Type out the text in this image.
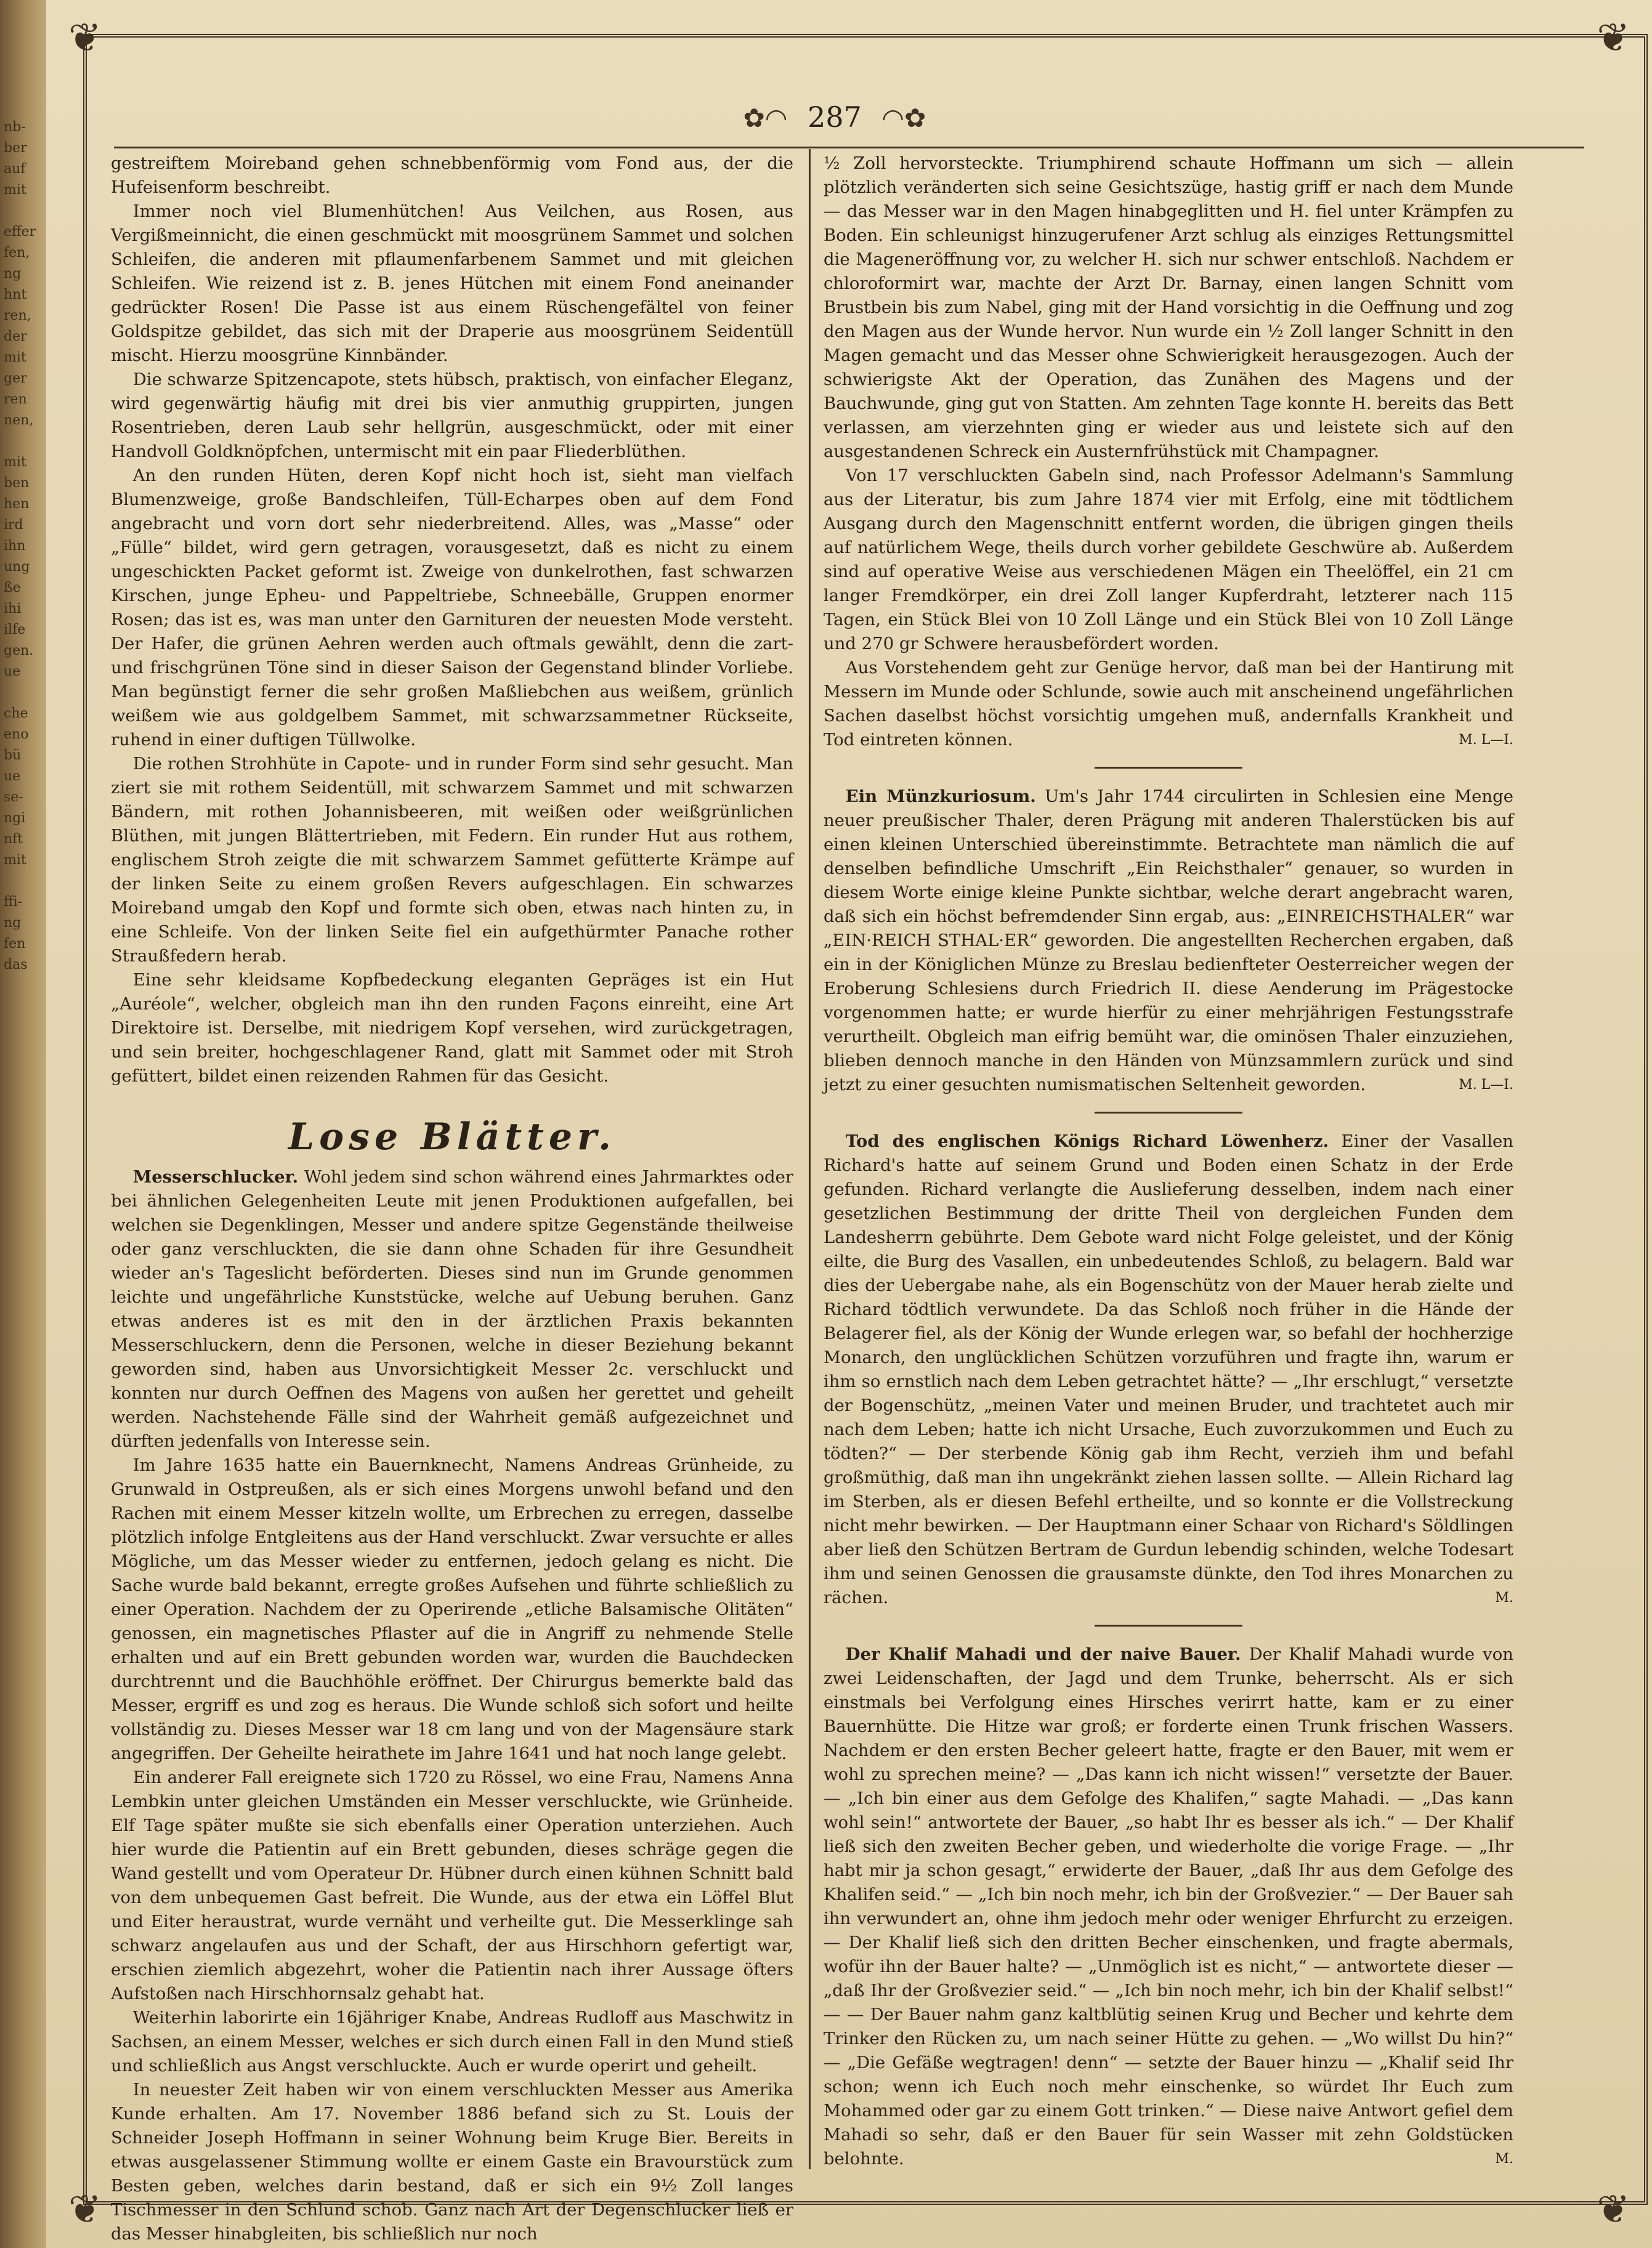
nb-
ber
auf
mit

effer
fen,
ng
hnt
ren,
der
mit
ger
ren
nen,

mit
ben
hen
ird
ihn
ung
ße
ihi
ilfe
gen.
ue

che
eno
bü
ue
se-
ngi
nft
mit

ffi-
ng
fen
das
❦	❦
❦	❦
✿◠ 287 ◠✿

gestreiftem Moireband gehen schnebbenförmig vom Fond aus, der die Hufeisenform beschreibt.

Immer noch viel Blumenhütchen! Aus Veilchen, aus Rosen, aus Vergißmeinnicht, die einen geschmückt mit moosgrünem Sammet und solchen Schleifen, die anderen mit pflaumenfarbenem Sammet und mit gleichen Schleifen. Wie reizend ist z. B. jenes Hütchen mit einem Fond aneinander gedrückter Rosen! Die Passe ist aus einem Rüschengefältel von feiner Goldspitze gebildet, das sich mit der Draperie aus moosgrünem Seidentüll mischt. Hierzu moosgrüne Kinnbänder.

Die schwarze Spitzencapote, stets hübsch, praktisch, von einfacher Eleganz, wird gegenwärtig häufig mit drei bis vier anmuthig gruppirten, jungen Rosentrieben, deren Laub sehr hellgrün, ausgeschmückt, oder mit einer Handvoll Goldknöpfchen, untermischt mit ein paar Fliederblüthen.

An den runden Hüten, deren Kopf nicht hoch ist, sieht man vielfach Blumenzweige, große Bandschleifen, Tüll-Echarpes oben auf dem Fond angebracht und vorn dort sehr niederbreitend. Alles, was „Masse“ oder „Fülle“ bildet, wird gern getragen, vorausgesetzt, daß es nicht zu einem ungeschickten Packet geformt ist. Zweige von dunkelrothen, fast schwarzen Kirschen, junge Epheu- und Pappeltriebe, Schneebälle, Gruppen enormer Rosen; das ist es, was man unter den Garnituren der neuesten Mode versteht. Der Hafer, die grünen Aehren werden auch oftmals gewählt, denn die zart- und frischgrünen Töne sind in dieser Saison der Gegenstand blinder Vorliebe. Man begünstigt ferner die sehr großen Maßliebchen aus weißem, grünlich weißem wie aus goldgelbem Sammet, mit schwarzsammetner Rückseite, ruhend in einer duftigen Tüllwolke.

Die rothen Strohhüte in Capote- und in runder Form sind sehr gesucht. Man ziert sie mit rothem Seidentüll, mit schwarzem Sammet und mit schwarzen Bändern, mit rothen Johannisbeeren, mit weißen oder weißgrünlichen Blüthen, mit jungen Blättertrieben, mit Federn. Ein runder Hut aus rothem, englischem Stroh zeigte die mit schwarzem Sammet gefütterte Krämpe auf der linken Seite zu einem großen Revers aufgeschlagen. Ein schwarzes Moireband umgab den Kopf und formte sich oben, etwas nach hinten zu, in eine Schleife. Von der linken Seite fiel ein aufgethürmter Panache rother Straußfedern herab.

Eine sehr kleidsame Kopfbedeckung eleganten Gepräges ist ein Hut „Auréole“, welcher, obgleich man ihn den runden Façons einreiht, eine Art Direktoire ist. Derselbe, mit niedrigem Kopf versehen, wird zurückgetragen, und sein breiter, hochgeschlagener Rand, glatt mit Sammet oder mit Stroh gefüttert, bildet einen reizenden Rahmen für das Gesicht.

Lose Blätter.

Messerschlucker. Wohl jedem sind schon während eines Jahrmarktes oder bei ähnlichen Gelegenheiten Leute mit jenen Produktionen aufgefallen, bei welchen sie Degenklingen, Messer und andere spitze Gegenstände theilweise oder ganz verschluckten, die sie dann ohne Schaden für ihre Gesundheit wieder an's Tageslicht beförderten. Dieses sind nun im Grunde genommen leichte und ungefährliche Kunststücke, welche auf Uebung beruhen. Ganz etwas anderes ist es mit den in der ärztlichen Praxis bekannten Messerschluckern, denn die Personen, welche in dieser Beziehung bekannt geworden sind, haben aus Unvorsichtigkeit Messer 2c. verschluckt und konnten nur durch Oeffnen des Magens von außen her gerettet und geheilt werden. Nachstehende Fälle sind der Wahrheit gemäß aufgezeichnet und dürften jedenfalls von Interesse sein.

Im Jahre 1635 hatte ein Bauernknecht, Namens Andreas Grünheide, zu Grunwald in Ostpreußen, als er sich eines Morgens unwohl befand und den Rachen mit einem Messer kitzeln wollte, um Erbrechen zu erregen, dasselbe plötzlich infolge Entgleitens aus der Hand verschluckt. Zwar versuchte er alles Mögliche, um das Messer wieder zu entfernen, jedoch gelang es nicht. Die Sache wurde bald bekannt, erregte großes Aufsehen und führte schließlich zu einer Operation. Nachdem der zu Operirende „etliche Balsamische Olitäten“ genossen, ein magnetisches Pflaster auf die in Angriff zu nehmende Stelle erhalten und auf ein Brett gebunden worden war, wurden die Bauchdecken durchtrennt und die Bauchhöhle eröffnet. Der Chirurgus bemerkte bald das Messer, ergriff es und zog es heraus. Die Wunde schloß sich sofort und heilte vollständig zu. Dieses Messer war 18 cm lang und von der Magensäure stark angegriffen. Der Geheilte heirathete im Jahre 1641 und hat noch lange gelebt.

Ein anderer Fall ereignete sich 1720 zu Rössel, wo eine Frau, Namens Anna Lembkin unter gleichen Umständen ein Messer verschluckte, wie Grünheide. Elf Tage später mußte sie sich ebenfalls einer Operation unterziehen. Auch hier wurde die Patientin auf ein Brett gebunden, dieses schräge gegen die Wand gestellt und vom Operateur Dr. Hübner durch einen kühnen Schnitt bald von dem unbequemen Gast befreit. Die Wunde, aus der etwa ein Löffel Blut und Eiter heraustrat, wurde vernäht und verheilte gut. Die Messerklinge sah schwarz angelaufen aus und der Schaft, der aus Hirschhorn gefertigt war, erschien ziemlich abgezehrt, woher die Patientin nach ihrer Aussage öfters Aufstoßen nach Hirschhornsalz gehabt hat.

Weiterhin laborirte ein 16jähriger Knabe, Andreas Rudloff aus Maschwitz in Sachsen, an einem Messer, welches er sich durch einen Fall in den Mund stieß und schließlich aus Angst verschluckte. Auch er wurde operirt und geheilt.

In neuester Zeit haben wir von einem verschluckten Messer aus Amerika Kunde erhalten. Am 17. November 1886 befand sich zu St. Louis der Schneider Joseph Hoffmann in seiner Wohnung beim Kruge Bier. Bereits in etwas ausgelassener Stimmung wollte er einem Gaste ein Bravourstück zum Besten geben, welches darin bestand, daß er sich ein 9½ Zoll langes Tischmesser in den Schlund schob. Ganz nach Art der Degenschlucker ließ er das Messer hinabgleiten, bis schließlich nur noch

½ Zoll hervorsteckte. Triumphirend schaute Hoffmann um sich — allein plötzlich veränderten sich seine Gesichtszüge, hastig griff er nach dem Munde — das Messer war in den Magen hinabgeglitten und H. fiel unter Krämpfen zu Boden. Ein schleunigst hinzugerufener Arzt schlug als einziges Rettungsmittel die Mageneröffnung vor, zu welcher H. sich nur schwer entschloß. Nachdem er chloroformirt war, machte der Arzt Dr. Barnay, einen langen Schnitt vom Brustbein bis zum Nabel, ging mit der Hand vorsichtig in die Oeffnung und zog den Magen aus der Wunde hervor. Nun wurde ein ½ Zoll langer Schnitt in den Magen gemacht und das Messer ohne Schwierigkeit herausgezogen. Auch der schwierigste Akt der Operation, das Zunähen des Magens und der Bauchwunde, ging gut von Statten. Am zehnten Tage konnte H. bereits das Bett verlassen, am vierzehnten ging er wieder aus und leistete sich auf den ausgestandenen Schreck ein Austernfrühstück mit Champagner.

Von 17 verschluckten Gabeln sind, nach Professor Adelmann's Sammlung aus der Literatur, bis zum Jahre 1874 vier mit Erfolg, eine mit tödtlichem Ausgang durch den Magenschnitt entfernt worden, die übrigen gingen theils auf natürlichem Wege, theils durch vorher gebildete Geschwüre ab. Außerdem sind auf operative Weise aus verschiedenen Mägen ein Theelöffel, ein 21 cm langer Fremdkörper, ein drei Zoll langer Kupferdraht, letzterer nach 115 Tagen, ein Stück Blei von 10 Zoll Länge und ein Stück Blei von 10 Zoll Länge und 270 gr Schwere herausbefördert worden.

Aus Vorstehendem geht zur Genüge hervor, daß man bei der Hantirung mit Messern im Munde oder Schlunde, sowie auch mit anscheinend ungefährlichen Sachen daselbst höchst vorsichtig umgehen muß, andernfalls Krankheit und Tod eintreten können.	M. L—I.

Ein Münzkuriosum. Um's Jahr 1744 circulirten in Schlesien eine Menge neuer preußischer Thaler, deren Prägung mit anderen Thalerstücken bis auf einen kleinen Unterschied übereinstimmte. Betrachtete man nämlich die auf denselben befindliche Umschrift „Ein Reichsthaler“ genauer, so wurden in diesem Worte einige kleine Punkte sichtbar, welche derart angebracht waren, daß sich ein höchst befremdender Sinn ergab, aus: „EINREICHSTHALER“ war „EIN·REICH STHAL·ER“ geworden. Die angestellten Recherchen ergaben, daß ein in der Königlichen Münze zu Breslau bedienfteter Oesterreicher wegen der Eroberung Schlesiens durch Friedrich II. diese Aenderung im Prägestocke vorgenommen hatte; er wurde hierfür zu einer mehrjährigen Festungsstrafe verurtheilt. Obgleich man eifrig bemüht war, die ominösen Thaler einzuziehen, blieben dennoch manche in den Händen von Münzsammlern zurück und sind jetzt zu einer gesuchten numismatischen Seltenheit geworden.	M. L—I.

Tod des englischen Königs Richard Löwenherz. Einer der Vasallen Richard's hatte auf seinem Grund und Boden einen Schatz in der Erde gefunden. Richard verlangte die Auslieferung desselben, indem nach einer gesetzlichen Bestimmung der dritte Theil von dergleichen Funden dem Landesherrn gebührte. Dem Gebote ward nicht Folge geleistet, und der König eilte, die Burg des Vasallen, ein unbedeutendes Schloß, zu belagern. Bald war dies der Uebergabe nahe, als ein Bogenschütz von der Mauer herab zielte und Richard tödtlich verwundete. Da das Schloß noch früher in die Hände der Belagerer fiel, als der König der Wunde erlegen war, so befahl der hochherzige Monarch, den unglücklichen Schützen vorzuführen und fragte ihn, warum er ihm so ernstlich nach dem Leben getrachtet hätte? — „Ihr erschlugt,“ versetzte der Bogenschütz, „meinen Vater und meinen Bruder, und trachtetet auch mir nach dem Leben; hatte ich nicht Ursache, Euch zuvorzukommen und Euch zu tödten?“ — Der sterbende König gab ihm Recht, verzieh ihm und befahl großmüthig, daß man ihn ungekränkt ziehen lassen sollte. — Allein Richard lag im Sterben, als er diesen Befehl ertheilte, und so konnte er die Vollstreckung nicht mehr bewirken. — Der Hauptmann einer Schaar von Richard's Söldlingen aber ließ den Schützen Bertram de Gurdun lebendig schinden, welche Todesart ihm und seinen Genossen die grausamste dünkte, den Tod ihres Monarchen zu rächen.	M.

Der Khalif Mahadi und der naive Bauer. Der Khalif Mahadi wurde von zwei Leidenschaften, der Jagd und dem Trunke, beherrscht. Als er sich einstmals bei Verfolgung eines Hirsches verirrt hatte, kam er zu einer Bauernhütte. Die Hitze war groß; er forderte einen Trunk frischen Wassers. Nachdem er den ersten Becher geleert hatte, fragte er den Bauer, mit wem er wohl zu sprechen meine? — „Das kann ich nicht wissen!“ versetzte der Bauer. — „Ich bin einer aus dem Gefolge des Khalifen,“ sagte Mahadi. — „Das kann wohl sein!“ antwortete der Bauer, „so habt Ihr es besser als ich.“ — Der Khalif ließ sich den zweiten Becher geben, und wiederholte die vorige Frage. — „Ihr habt mir ja schon gesagt,“ erwiderte der Bauer, „daß Ihr aus dem Gefolge des Khalifen seid.“ — „Ich bin noch mehr, ich bin der Großvezier.“ — Der Bauer sah ihn verwundert an, ohne ihm jedoch mehr oder weniger Ehrfurcht zu erzeigen. — Der Khalif ließ sich den dritten Becher einschenken, und fragte abermals, wofür ihn der Bauer halte? — „Unmöglich ist es nicht,“ — antwortete dieser — „daß Ihr der Großvezier seid.“ — „Ich bin noch mehr, ich bin der Khalif selbst!“ — — Der Bauer nahm ganz kaltblütig seinen Krug und Becher und kehrte dem Trinker den Rücken zu, um nach seiner Hütte zu gehen. — „Wo willst Du hin?“ — „Die Gefäße wegtragen! denn“ — setzte der Bauer hinzu — „Khalif seid Ihr schon; wenn ich Euch noch mehr einschenke, so würdet Ihr Euch zum Mohammed oder gar zu einem Gott trinken.“ — Diese naive Antwort gefiel dem Mahadi so sehr, daß er den Bauer für sein Wasser mit zehn Goldstücken belohnte.	M.
